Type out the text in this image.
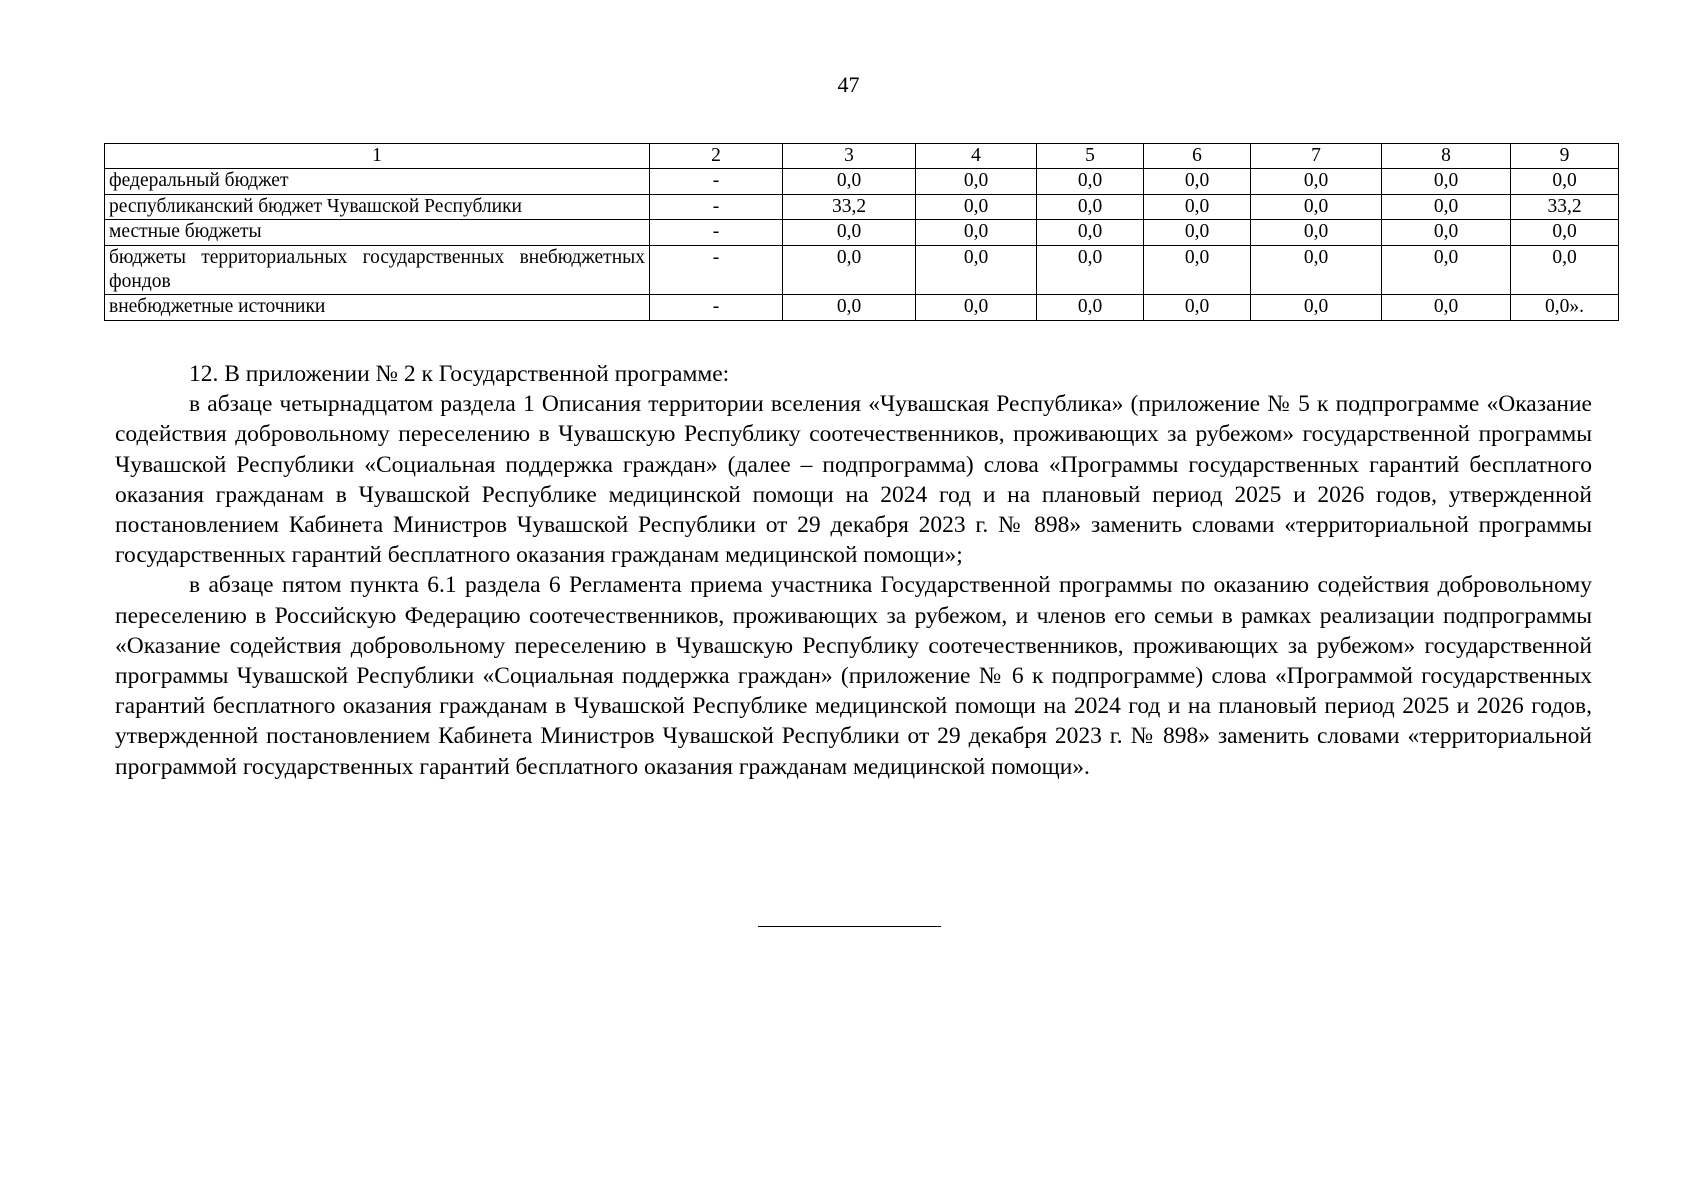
47
1	2	3	4	5	6	7	8	9
федеральный бюджет	-	0,0	0,0	0,0	0,0	0,0	0,0	0,0
республиканский бюджет Чувашской Республики	-	33,2	0,0	0,0	0,0	0,0	0,0	33,2
местные бюджеты	-	0,0	0,0	0,0	0,0	0,0	0,0	0,0
бюджеты территориальных государственных внебюджетных фондов	-	0,0	0,0	0,0	0,0	0,0	0,0	0,0
внебюджетные источники	-	0,0	0,0	0,0	0,0	0,0	0,0	0,0».

12. В приложении № 2 к Государственной программе:

в абзаце четырнадцатом раздела 1 Описания территории вселения «Чувашская Республика» (приложение № 5 к подпрограмме «Оказание содействия добровольному переселению в Чувашскую Республику соотечественников, проживающих за рубежом» государственной программы Чувашской Республики «Социальная поддержка граждан» (далее – подпрограмма) слова «Программы государственных гарантий бесплатного оказания гражданам в Чувашской Республике медицинской помощи на 2024 год и на плановый период 2025 и 2026 годов, утвержденной постановлением Кабинета Министров Чувашской Республики от 29 декабря 2023 г. № 898» заменить словами «территориальной программы государственных гарантий бесплатного оказания гражданам медицинской помощи»;

в абзаце пятом пункта 6.1 раздела 6 Регламента приема участника Государственной программы по оказанию содействия добровольному переселению в Российскую Федерацию соотечественников, проживающих за рубежом, и членов его семьи в рамках реализации подпрограммы «Оказание содействия добровольному переселению в Чувашскую Республику соотечественников, проживающих за рубежом» государственной программы Чувашской Республики «Социальная поддержка граждан» (приложение № 6 к подпрограмме) слова «Программой государственных гарантий бесплатного оказания гражданам в Чувашской Республике медицинской помощи на 2024 год и на плановый период 2025 и 2026 годов, утвержденной постановлением Кабинета Министров Чувашской Республики от 29 декабря 2023 г. № 898» заменить словами «территориальной программой государственных гарантий бесплатного оказания гражданам медицинской помощи».
